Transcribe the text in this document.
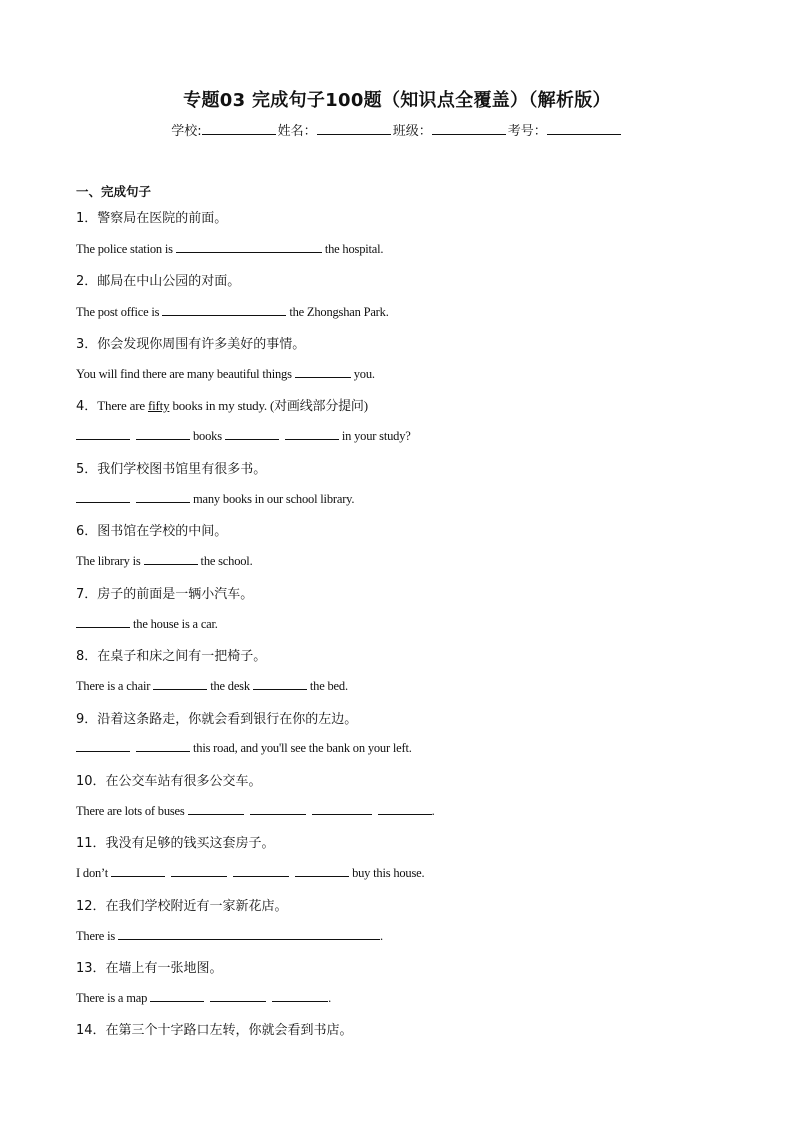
专题03 完成句子100题（知识点全覆盖）（解析版）
学校:	姓名：	班级：	考号：
一、完成句子
1．警察局在医院的前面。
The police station is	the hospital.
2．邮局在中山公园的对面。
The post office is	the Zhongshan Park.
3．你会发现你周围有许多美好的事情。
You will find there are many beautiful things	you.
4．There are fifty books in my study. (对画线部分提问)
books	in your study?
5．我们学校图书馆里有很多书。
many books in our school library.
6．图书馆在学校的中间。
The library is	the school.
7．房子的前面是一辆小汽车。
the house is a car.
8．在桌子和床之间有一把椅子。
There is a chair	the desk	the bed.
9．沿着这条路走，你就会看到银行在你的左边。
this road, and you'll see the bank on your left.
10．在公交车站有很多公交车。
There are lots of buses	.
11．我没有足够的钱买这套房子。
I don’t	buy this house.
12．在我们学校附近有一家新花店。
There is	.
13．在墙上有一张地图。
There is a map	.
14．在第三个十字路口左转，你就会看到书店。
